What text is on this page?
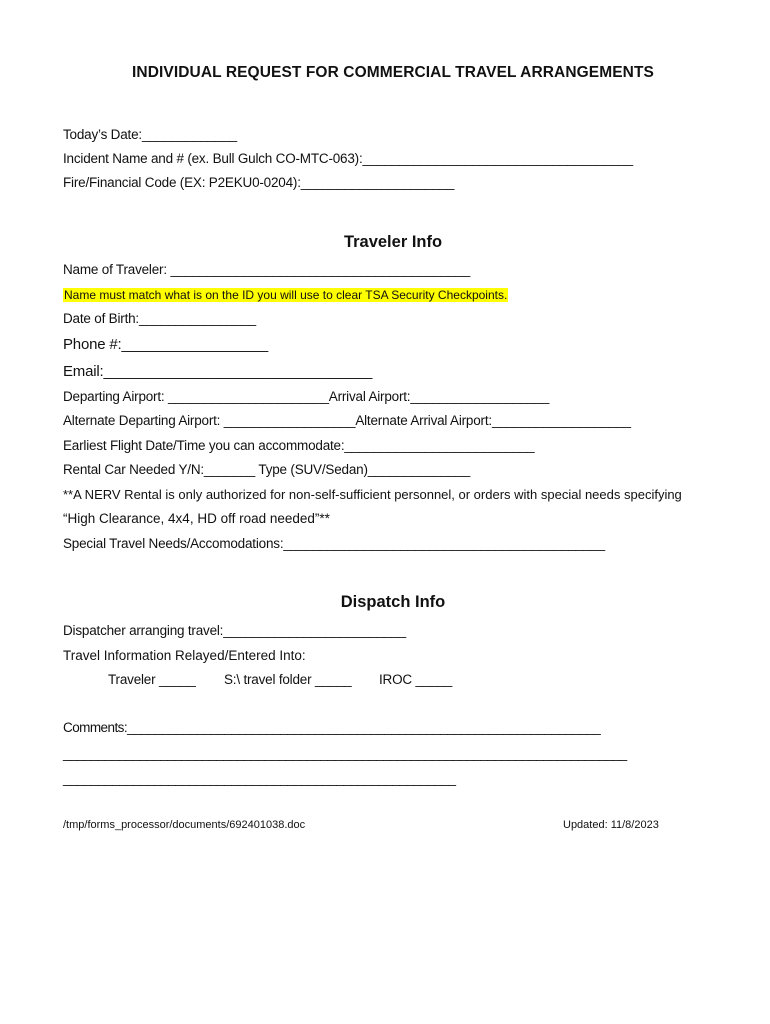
INDIVIDUAL REQUEST FOR COMMERCIAL TRAVEL ARRANGEMENTS
Today’s Date:_____________
Incident Name and # (ex. Bull Gulch CO-MTC-063):_____________________________________
Fire/Financial Code (EX: P2EKU0-0204):_____________________
Traveler Info
Name of Traveler: _________________________________________
Name must match what is on the ID you will use to clear TSA Security Checkpoints.
Date of Birth:________________
Phone #:__________________
Email:_________________________________
Departing Airport: ______________________Arrival Airport:___________________
Alternate Departing Airport: __________________Alternate Arrival Airport:___________________
Earliest Flight Date/Time you can accommodate:__________________________
Rental Car Needed Y/N:_______ Type (SUV/Sedan)______________
**A NERV Rental is only authorized for non-self-sufficient personnel, or orders with special needs specifying
“High Clearance, 4x4, HD off road needed”**
Special Travel Needs/Accomodations:____________________________________________
Dispatch Info
Dispatcher arranging travel:_________________________
Travel Information Relayed/Entered Into:
Traveler _____ S:\ travel folder _____ IROC _____
Comments:____________________________________________________________________
_________________________________________________________________________________
________________________________________________________
/tmp/forms_processor/documents/692401038.doc	Updated: 11/8/2023
